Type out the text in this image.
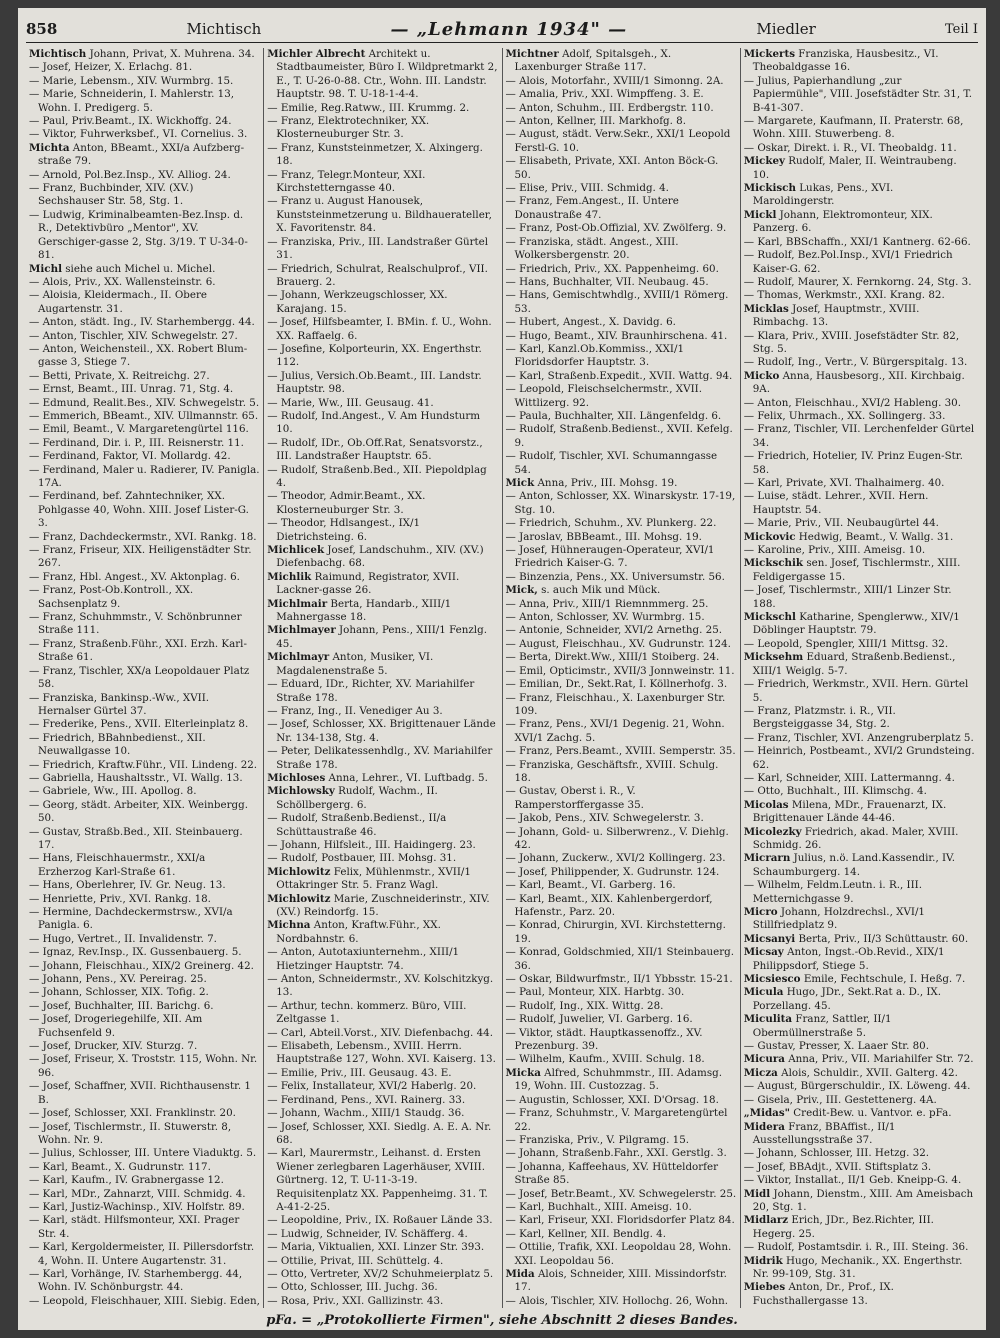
858	Michtisch	— „Lehmann 1934" —	Miedler	Teil I
Michtisch Johann, Privat, X. Muhrena. 34.
— Josef, Heizer, X. Erlachg. 81.
— Marie, Lebensm., XIV. Wurmbrg. 15.
— Marie, Schneiderin, I. Mahlerstr. 13, Wohn. I. Predigerg. 5.
— Paul, Priv.Beamt., IX. Wickhoffg. 24.
— Viktor, Fuhrwerksbef., VI. Cornelius. 3.
Michta Anton, BBeamt., XXI/a Aufzberg-straße 79.
— Arnold, Pol.Bez.Insp., XV. Alliog. 24.
— Franz, Buchbinder, XIV. (XV.) Sechshauser Str. 58, Stg. 1.
— Ludwig, Kriminalbeamten-Bez.Insp. d. R., Detektivbüro „Mentor", XV. Gerschiger-gasse 2, Stg. 3/19. T U-34-0-81.
Michl siehe auch Michel u. Michel.
— Alois, Priv., XX. Wallensteinstr. 6.
— Aloisia, Kleidermach., II. Obere Augartenstr. 31.
— Anton, städt. Ing., IV. Starhembergg. 44.
— Anton, Tischler, XIV. Schwegelstr. 27.
— Anton, Weichensteil., XX. Robert Blum-gasse 3, Stiege 7.
— Betti, Private, X. Reitreichg. 27.
— Ernst, Beamt., III. Unrag. 71, Stg. 4.
— Edmund, Realit.Bes., XIV. Schwegelstr. 5.
— Emmerich, BBeamt., XIV. Ullmannstr. 65.
— Emil, Beamt., V. Margaretengürtel 116.
— Ferdinand, Dir. i. P., III. Reisnerstr. 11.
— Ferdinand, Faktor, VI. Mollardg. 42.
— Ferdinand, Maler u. Radierer, IV. Panigla. 17A.
— Ferdinand, bef. Zahntechniker, XX. Pohlgasse 40, Wohn. XIII. Josef Lister-G. 3.
— Franz, Dachdeckermstr., XVI. Rankg. 18.
— Franz, Friseur, XIX. Heiligenstädter Str. 267.
— Franz, Hbl. Angest., XV. Aktonplag. 6.
— Franz, Post-Ob.Kontroll., XX. Sachsenplatz 9.
— Franz, Schuhmmstr., V. Schönbrunner Straße 111.
— Franz, Straßenb.Führ., XXI. Erzh. Karl-Straße 61.
— Franz, Tischler, XX/a Leopoldauer Platz 58.
— Franziska, Bankinsp.-Ww., XVII. Hernalser Gürtel 37.
— Frederike, Pens., XVII. Elterleinplatz 8.
— Friedrich, BBahnbedienst., XII. Neuwallgasse 10.
— Friedrich, Kraftw.Führ., VII. Lindeng. 22.
— Gabriella, Haushaltsstr., VI. Wallg. 13.
— Gabriele, Ww., III. Apollog. 8.
— Georg, städt. Arbeiter, XIX. Weinbergg. 50.
— Gustav, Straßb.Bed., XII. Steinbauerg. 17.
— Hans, Fleischhauermstr., XXI/a Erzherzog Karl-Straße 61.
— Hans, Oberlehrer, IV. Gr. Neug. 13.
— Henriette, Priv., XVI. Rankg. 18.
— Hermine, Dachdeckermstrsw., XVI/a Panigla. 6.
— Hugo, Vertret., II. Invalidenstr. 7.
— Ignaz, Rev.Insp., IX. Gussenbauerg. 5.
— Johann, Fleischhau., XIX/2 Greinerg. 42.
— Johann, Pens., XV. Pereirag. 25.
— Johann, Schlosser, XIX. Tofig. 2.
— Josef, Buchhalter, III. Barichg. 6.
— Josef, Drogeriegehilfe, XII. Am Fuchsenfeld 9.
— Josef, Drucker, XIV. Sturzg. 7.
— Josef, Friseur, X. Troststr. 115, Wohn. Nr. 96.
— Josef, Schaffner, XVII. Richthausenstr. 1 B.
— Josef, Schlosser, XXI. Franklinstr. 20.
— Josef, Tischlermstr., II. Stuwerstr. 8, Wohn. Nr. 9.
— Julius, Schlosser, III. Untere Viaduktg. 5.
— Karl, Beamt., X. Gudrunstr. 117.
— Karl, Kaufm., IV. Grabnergasse 12.
— Karl, MDr., Zahnarzt, VIII. Schmidg. 4.
— Karl, Justiz-Wachinsp., XIV. Holfstr. 89.
— Karl, städt. Hilfsmonteur, XXI. Prager Str. 4.
— Karl, Kergoldermeister, II. Pillersdorfstr. 4, Wohn. II. Untere Augartenstr. 31.
— Karl, Vorhänge, IV. Starhembergg. 44, Wohn. IV. Schönburgstr. 44.
— Leopold, Fleischhauer, XIII. Siebig. Eden,
Michler Albrecht Architekt u. Stadtbaumeister, Büro I. Wildpretmarkt 2, E., T. U-26-0-88. Ctr., Wohn. III. Landstr. Hauptstr. 98. T. U-18-1-4-4.
— Emilie, Reg.Ratww., III. Krummg. 2.
— Franz, Elektrotechniker, XX. Klosterneuburger Str. 3.
— Franz, Kunststeinmetzer, X. Alxingerg. 18.
— Franz, Telegr.Monteur, XXI. Kirchstetterngasse 40.
— Franz u. August Hanousek, Kunststeinmetzerung u. Bildhauerateller, X. Favoritenstr. 84.
— Franziska, Priv., III. Landstraßer Gürtel 31.
— Friedrich, Schulrat, Realschulprof., VII. Brauerg. 2.
— Johann, Werkzeugschlosser, XX. Karajang. 15.
— Josef, Hilfsbeamter, I. BMin. f. U., Wohn. XX. Raffaelg. 6.
— Josefine, Kolporteurin, XX. Engerthstr. 112.
— Julius, Versich.Ob.Beamt., III. Landstr. Hauptstr. 98.
— Marie, Ww., III. Geusaug. 41.
— Rudolf, Ind.Angest., V. Am Hundsturm 10.
— Rudolf, IDr., Ob.Off.Rat, Senatsvorstz., III. Landstraßer Hauptstr. 65.
— Rudolf, Straßenb.Bed., XII. Piepoldplag 4.
— Theodor, Admir.Beamt., XX. Klosterneuburger Str. 3.
— Theodor, Hdlsangest., IX/1 Dietrichsteing. 6.
Michlicek Josef, Landschuhm., XIV. (XV.) Diefenbachg. 68.
Michlik Raimund, Registrator, XVII. Lackner-gasse 26.
Michlmair Berta, Handarb., XIII/1 Mahnergasse 18.
Michlmayer Johann, Pens., XIII/1 Fenzlg. 45.
Michlmayr Anton, Musiker, VI. Magdalenenstraße 5.
— Eduard, IDr., Richter, XV. Mariahilfer Straße 178.
— Franz, Ing., II. Venediger Au 3.
— Josef, Schlosser, XX. Brigittenauer Lände Nr. 134-138, Stg. 4.
— Peter, Delikatessenhdlg., XV. Mariahilfer Straße 178.
Michloses Anna, Lehrer., VI. Luftbadg. 5.
Michlowsky Rudolf, Wachm., II. Schöllbergerg. 6.
— Rudolf, Straßenb.Bedienst., II/a Schüttaustraße 46.
— Johann, Hilfsleit., III. Haidingerg. 23.
— Rudolf, Postbauer, III. Mohsg. 31.
Michlowitz Felix, Mühlenmstr., XVII/1 Ottakringer Str. 5. Franz Wagl.
Michlowitz Marie, Zuschneiderinstr., XIV. (XV.) Reindorfg. 15.
Michna Anton, Kraftw.Führ., XX. Nordbahnstr. 6.
— Anton, Autotaxiunternehm., XIII/1 Hietzinger Hauptstr. 74.
— Anton, Schneidermstr., XV. Kolschitzkyg. 13.
— Arthur, techn. kommerz. Büro, VIII. Zeltgasse 1.
— Carl, Abteil.Vorst., XIV. Diefenbachg. 44.
— Elisabeth, Lebensm., XVIII. Herrn. Hauptstraße 127, Wohn. XVI. Kaiserg. 13.
— Emilie, Priv., III. Geusaug. 43. E.
— Felix, Installateur, XVI/2 Haberlg. 20.
— Ferdinand, Pens., XVI. Rainerg. 33.
— Johann, Wachm., XIII/1 Staudg. 36.
— Josef, Schlosser, XXI. Siedlg. A. E. A. Nr. 68.
— Karl, Maurermstr., Leihanst. d. Ersten Wiener zerlegbaren Lagerhäuser, XVIII. Gürtnerg. 12, T. U-11-3-19. Requisitenplatz XX. Pappenheimg. 31. T. A-41-2-25.
— Leopoldine, Priv., IX. Roßauer Lände 33.
— Ludwig, Schneider, IV. Schäfferg. 4.
— Maria, Viktualien, XXI. Linzer Str. 393.
— Ottilie, Privat, III. Schüttelg. 4.
— Otto, Vertreter, XV/2 Schuhmeierplatz 5.
— Otto, Schlosser, III. Juchg. 36.
— Rosa, Priv., XXI. Gallizinstr. 43.
Michtner Adolf, Spitalsgeh., X. Laxenburger Straße 117.
— Alois, Motorfahr., XVIII/1 Simonng. 2A.
— Amalia, Priv., XXI. Wimpffeng. 3. E.
— Anton, Schuhm., III. Erdbergstr. 110.
— Anton, Kellner, III. Markhofg. 8.
— August, städt. Verw.Sekr., XXI/1 Leopold Ferstl-G. 10.
— Elisabeth, Private, XXI. Anton Böck-G. 50.
— Elise, Priv., VIII. Schmidg. 4.
— Franz, Fem.Angest., II. Untere Donaustraße 47.
— Franz, Post-Ob.Offizial, XV. Zwölferg. 9.
— Franziska, städt. Angest., XIII. Wolkersbergenstr. 20.
— Friedrich, Priv., XX. Pappenheimg. 60.
— Hans, Buchhalter, VII. Neubaug. 45.
— Hans, Gemischtwhdlg., XVIII/1 Römerg. 53.
— Hubert, Angest., X. Davidg. 6.
— Hugo, Beamt., XIV. Braunhirschena. 41.
— Karl, Kanzl.Ob.Kommiss., XXI/1 Floridsdorfer Hauptstr. 3.
— Karl, Straßenb.Expedit., XVII. Wattg. 94.
— Leopold, Fleischselchermstr., XVII. Wittlizerg. 92.
— Paula, Buchhalter, XII. Längenfeldg. 6.
— Rudolf, Straßenb.Bedienst., XVII. Kefelg. 9.
— Rudolf, Tischler, XVI. Schumanngasse 54.
Mick Anna, Priv., III. Mohsg. 19.
— Anton, Schlosser, XX. Winarskystr. 17-19, Stg. 10.
— Friedrich, Schuhm., XV. Plunkerg. 22.
— Jaroslav, BBBeamt., III. Mohsg. 19.
— Josef, Hühneraugen-Operateur, XVI/1 Friedrich Kaiser-G. 7.
— Binzenzia, Pens., XX. Universumstr. 56.
Mick, s. auch Mik und Mück.
— Anna, Priv., XIII/1 Riemnmmerg. 25.
— Anton, Schlosser, XV. Wurmbrg. 15.
— Antonie, Schneider, XVI/2 Arnethg. 25.
— August, Fleischhau., XV. Gudrunstr. 124.
— Berta, Direkt.Ww., XIII/1 Stoiberg. 24.
— Emil, Opticimstr., XVII/3 Jonnweinstr. 11.
— Emilian, Dr., Sekt.Rat, I. Köllnerhofg. 3.
— Franz, Fleischhau., X. Laxenburger Str. 109.
— Franz, Pens., XVI/1 Degenig. 21, Wohn. XVI/1 Zachg. 5.
— Franz, Pers.Beamt., XVIII. Semperstr. 35.
— Franziska, Geschäftsfr., XVIII. Schulg. 18.
— Gustav, Oberst i. R., V. Ramperstorffergasse 35.
— Jakob, Pens., XIV. Schwegelerstr. 3.
— Johann, Gold- u. Silberwrenz., V. Diehlg. 42.
— Johann, Zuckerw., XVI/2 Kollingerg. 23.
— Josef, Philippender, X. Gudrunstr. 124.
— Karl, Beamt., VI. Garberg. 16.
— Karl, Beamt., XIX. Kahlenbergerdorf, Hafenstr., Parz. 20.
— Konrad, Chirurgin, XVI. Kirchstetterng. 19.
— Konrad, Goldschmied, XII/1 Steinbauerg. 36.
— Oskar, Bildwurfmstr., II/1 Ybbsstr. 15-21.
— Paul, Monteur, XIX. Harbtg. 30.
— Rudolf, Ing., XIX. Wittg. 28.
— Rudolf, Juwelier, VI. Garberg. 16.
— Viktor, städt. Hauptkassenoffz., XV. Prezenburg. 39.
— Wilhelm, Kaufm., XVIII. Schulg. 18.
Micka Alfred, Schuhmmstr., III. Adamsg. 19, Wohn. III. Custozzag. 5.
— Augustin, Schlosser, XXI. D'Orsag. 18.
— Franz, Schuhmstr., V. Margaretengürtel 22.
— Franziska, Priv., V. Pilgramg. 15.
— Johann, Straßenb.Fahr., XXI. Gerstlg. 3.
— Johanna, Kaffeehaus, XV. Hütteldorfer Straße 85.
— Josef, Betr.Beamt., XV. Schwegelerstr. 25.
— Karl, Buchhalt., XIII. Ameisg. 10.
— Karl, Friseur, XXI. Floridsdorfer Platz 84.
— Karl, Kellner, XII. Bendlg. 4.
— Ottilie, Trafik, XXI. Leopoldau 28, Wohn. XXI. Leopoldau 56.
Mida Alois, Schneider, XIII. Missindorfstr. 17.
— Alois, Tischler, XIV. Hollochg. 26, Wohn.
Mickerts Franziska, Hausbesitz., VI. Theobaldgasse 16.
— Julius, Papierhandlung „zur Papiermühle", VIII. Josefstädter Str. 31, T. B-41-307.
— Margarete, Kaufmann, II. Praterstr. 68, Wohn. XIII. Stuwerbeng. 8.
— Oskar, Direkt. i. R., VI. Theobaldg. 11.
Mickey Rudolf, Maler, II. Weintraubeng. 10.
Mickisch Lukas, Pens., XVI. Maroldingerstr.
Mickl Johann, Elektromonteur, XIX. Panzerg. 6.
— Karl, BBSchaffn., XXI/1 Kantnerg. 62-66.
— Rudolf, Bez.Pol.Insp., XVI/1 Friedrich Kaiser-G. 62.
— Rudolf, Maurer, X. Fernkorng. 24, Stg. 3.
— Thomas, Werkmstr., XXI. Krang. 82.
Micklas Josef, Hauptmstr., XVIII. Rimbachg. 13.
— Klara, Priv., XVIII. Josefstädter Str. 82, Stg. 5.
— Rudolf, Ing., Vertr., V. Bürgerspitalg. 13.
Micko Anna, Hausbesorg., XII. Kirchbaig. 9A.
— Anton, Fleischhau., XVI/2 Hableng. 30.
— Felix, Uhrmach., XX. Sollingerg. 33.
— Franz, Tischler, VII. Lerchenfelder Gürtel 34.
— Friedrich, Hotelier, IV. Prinz Eugen-Str. 58.
— Karl, Private, XVI. Thalhaimerg. 40.
— Luise, städt. Lehrer., XVII. Hern. Hauptstr. 54.
— Marie, Priv., VII. Neubaugürtel 44.
Mickovic Hedwig, Beamt., V. Wallg. 31.
— Karoline, Priv., XIII. Ameisg. 10.
Mickschik sen. Josef, Tischlermstr., XIII. Feldigergasse 15.
— Josef, Tischlermstr., XIII/1 Linzer Str. 188.
Mickschl Katharine, Spenglerww., XIV/1 Döblinger Hauptstr. 79.
— Leopold, Spengler, XIII/1 Mittsg. 32.
Micksehm Eduard, Straßenb.Bedienst., XIII/1 Weiglg. 5-7.
— Friedrich, Werkmstr., XVII. Hern. Gürtel 5.
— Franz, Platzmstr. i. R., VII. Bergsteiggasse 34, Stg. 2.
— Franz, Tischler, XVI. Anzengruberplatz 5.
— Heinrich, Postbeamt., XVI/2 Grundsteing. 62.
— Karl, Schneider, XIII. Lattermanng. 4.
— Otto, Buchhalt., III. Klimschg. 4.
Micolas Milena, MDr., Frauenarzt, IX. Brigittenauer Lände 44-46.
Micolezky Friedrich, akad. Maler, XVIII. Schmidg. 26.
Micrarn Julius, n.ö. Land.Kassendir., IV. Schaumburgerg. 14.
— Wilhelm, Feldm.Leutn. i. R., III. Metternichgasse 9.
Micro Johann, Holzdrechsl., XVI/1 Stillfriedplatz 9.
Micsanyi Berta, Priv., II/3 Schüttaustr. 60.
Micsay Anton, Ingst.-Ob.Revid., XIX/1 Philippsdorf, Stiege 5.
Micsiesco Emile, Fechtschule, I. Heßg. 7.
Micula Hugo, JDr., Sekt.Rat a. D., IX. Porzellang. 45.
Miculita Franz, Sattler, II/1 Obermüllnerstraße 5.
— Gustav, Presser, X. Laaer Str. 80.
Micura Anna, Priv., VII. Mariahilfer Str. 72.
Micza Alois, Schuldir., XVII. Galterg. 42.
— August, Bürgerschuldir., IX. Löweng. 44.
— Gisela, Priv., III. Gestettenerg. 4A.
„Midas" Credit-Bew. u. Vantvor. e. pFa.
Midera Franz, BBAffist., II/1 Ausstellungsstraße 37.
— Johann, Schlosser, III. Hetzg. 32.
— Josef, BBAdjt., XVII. Stiftsplatz 3.
— Viktor, Installat., II/1 Geb. Kneipp-G. 4.
Midl Johann, Dienstm., XIII. Am Ameisbach 20, Stg. 1.
Midlarz Erich, JDr., Bez.Richter, III. Hegerg. 25.
— Rudolf, Postamtsdir. i. R., III. Steing. 36.
Midrik Hugo, Mechanik., XX. Engerthstr. Nr. 99-109, Stg. 31.
Miebes Anton, Dr., Prof., IX. Fuchsthallergasse 13.
pFa. = „Protokollierte Firmen", siehe Abschnitt 2 dieses Bandes.
